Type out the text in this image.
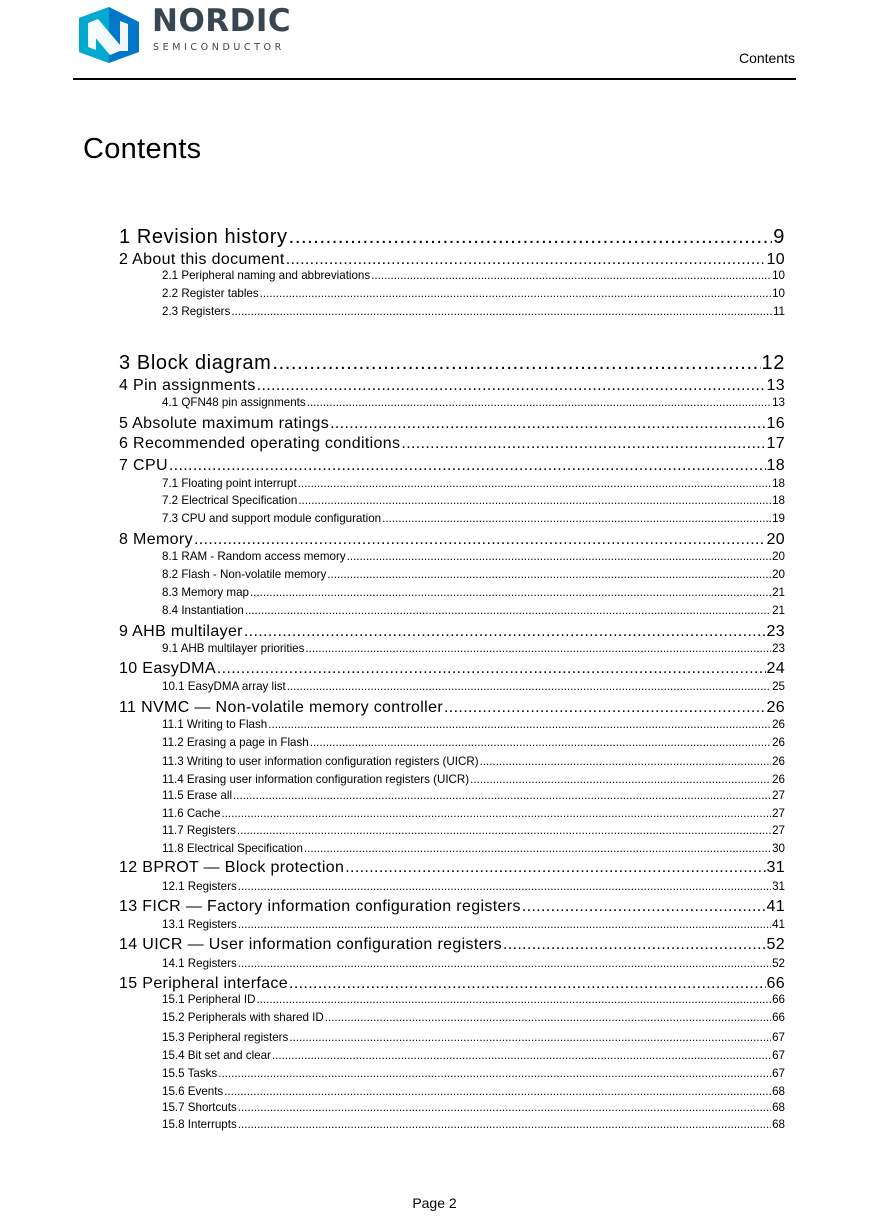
NORDIC
SEMICONDUCTOR
Contents
Contents
1 Revision history .....	9
2 About this document .....	10
2.1 Peripheral naming and abbreviations .....	10
2.2 Register tables .....	10
2.3 Registers .....	11
3 Block diagram .....	12
4 Pin assignments .....	13
4.1 QFN48 pin assignments .....	13
5 Absolute maximum ratings .....	16
6 Recommended operating conditions .....	17
7 CPU .....	18
7.1 Floating point interrupt .....	18
7.2 Electrical Specification .....	18
7.3 CPU and support module configuration .....	19
8 Memory .....	20
8.1 RAM - Random access memory .....	20
8.2 Flash - Non-volatile memory .....	20
8.3 Memory map .....	21
8.4 Instantiation .....	21
9 AHB multilayer .....	23
9.1 AHB multilayer priorities .....	23
10 EasyDMA .....	24
10.1 EasyDMA array list .....	25
11 NVMC — Non-volatile memory controller .....	26
11.1 Writing to Flash .....	26
11.2 Erasing a page in Flash .....	26
11.3 Writing to user information configuration registers (UICR) .....	26
11.4 Erasing user information configuration registers (UICR) .....	26
11.5 Erase all .....	27
11.6 Cache .....	27
11.7 Registers .....	27
11.8 Electrical Specification .....	30
12 BPROT — Block protection .....	31
12.1 Registers .....	31
13 FICR — Factory information configuration registers .....	41
13.1 Registers .....	41
14 UICR — User information configuration registers .....	52
14.1 Registers .....	52
15 Peripheral interface .....	66
15.1 Peripheral ID .....	66
15.2 Peripherals with shared ID .....	66
15.3 Peripheral registers .....	67
15.4 Bit set and clear .....	67
15.5 Tasks .....	67
15.6 Events .....	68
15.7 Shortcuts .....	68
15.8 Interrupts .....	68
Page 2
